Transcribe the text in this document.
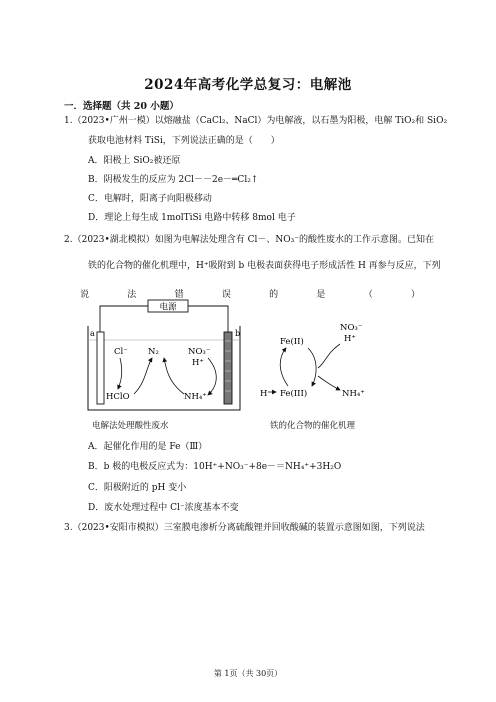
2024年高考化学总复习：电解池
一．选择题（共 20 小题）
1.（2023•广州一模）以熔融盐（CaCl₂、NaCl）为电解液，以石墨为阳极，电解 TiO₂和 SiO₂
获取电池材料 TiSi，下列说法正确的是（　　）
A．阳极上 SiO₂被还原
B．阴极发生的反应为 2Cl－－2e－═Cl₂↑
C．电解时，阳离子向阳极移动
D．理论上每生成 1molTiSi 电路中转移 8mol 电子
2.（2023•湖北模拟）如图为电解法处理含有 Cl－、NO₃⁻的酸性废水的工作示意图。已知在
铁的化合物的催化机理中，H⁺吸附到 b 电极表面获得电子形成活性 H 再参与反应，下列
说	法	错	误	的	是	（	）
电源
a	b
Cl⁻ N₂	NO₃⁻
H⁺
HClO	NH₄⁺
电解法处理酸性废水
Fe(II)
Fe(III)
H
NO₃⁻
H⁺
NH₄⁺
铁的化合物的催化机理
A．起催化作用的是 Fe（Ⅲ）
B．b 极的电极反应式为：10H⁺+NO₃⁻+8e－＝NH₄⁺+3H₂O
C．阳极附近的 pH 变小
D．废水处理过程中 Cl⁻浓度基本不变
3.（2023•安阳市模拟）三室膜电渗析分离硫酸锂并回收酸碱的装置示意图如图，下列说法
第 1页（共 30页）
